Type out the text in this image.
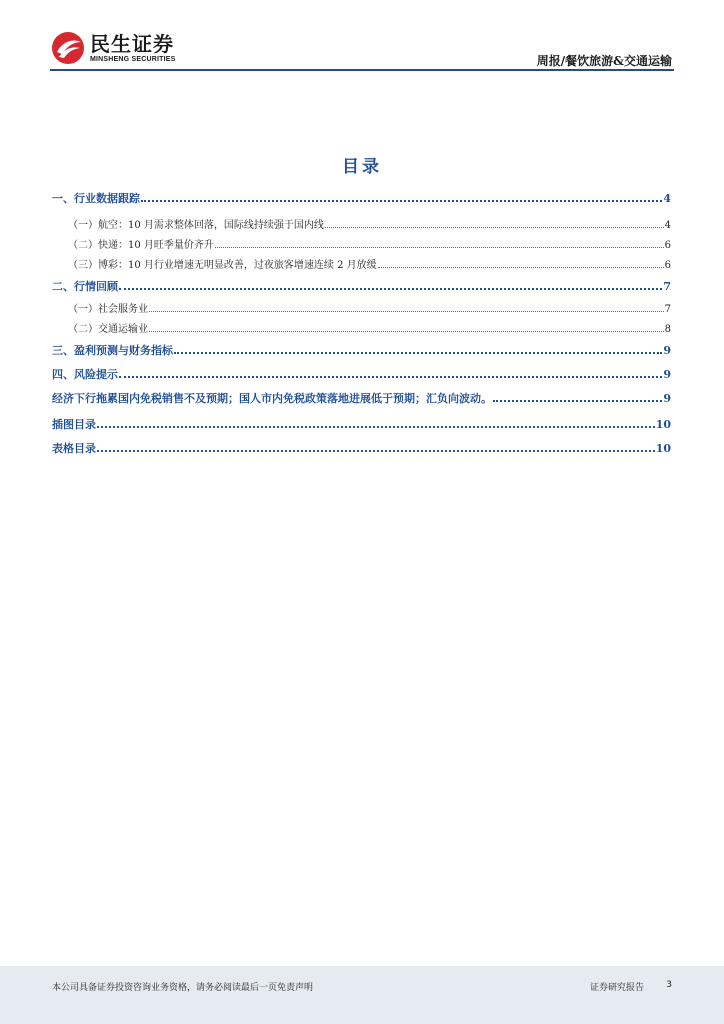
民生证券
MINSHENG SECURITIES	周报/餐饮旅游&交通运输
目录
一、行业数据跟踪	4
（一）航空：10 月需求整体回落，国际线持续强于国内线	4
（二）快递：10 月旺季量价齐升	6
（三）博彩：10 月行业增速无明显改善，过夜旅客增速连续 2 月放缓	6
二、行情回顾	7
（一）社会服务业	7
（二）交通运输业	8
三、盈利预测与财务指标	9
四、风险提示	9
经济下行拖累国内免税销售不及预期；国人市内免税政策落地进展低于预期；汇负向波动。	9
插图目录	10
表格目录	10
本公司具备证券投资咨询业务资格，请务必阅读最后一页免责声明	证券研究报告 3
